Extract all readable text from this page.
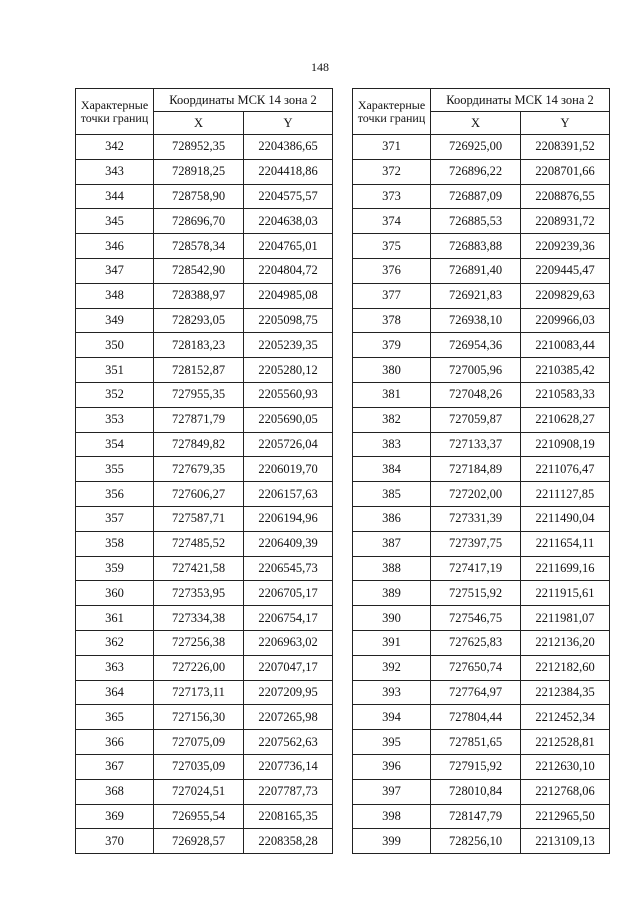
148
Характерные точки границ	Координаты МСК 14 зона 2	
	X	Y
342	728952,35	2204386,65
343	728918,25	2204418,86
344	728758,90	2204575,57
345	728696,70	2204638,03
346	728578,34	2204765,01
347	728542,90	2204804,72
348	728388,97	2204985,08
349	728293,05	2205098,75
350	728183,23	2205239,35
351	728152,87	2205280,12
352	727955,35	2205560,93
353	727871,79	2205690,05
354	727849,82	2205726,04
355	727679,35	2206019,70
356	727606,27	2206157,63
357	727587,71	2206194,96
358	727485,52	2206409,39
359	727421,58	2206545,73
360	727353,95	2206705,17
361	727334,38	2206754,17
362	727256,38	2206963,02
363	727226,00	2207047,17
364	727173,11	2207209,95
365	727156,30	2207265,98
366	727075,09	2207562,63
367	727035,09	2207736,14
368	727024,51	2207787,73
369	726955,54	2208165,35
370	726928,57	2208358,28
Характерные точки границ	Координаты МСК 14 зона 2	
	X	Y
371	726925,00	2208391,52
372	726896,22	2208701,66
373	726887,09	2208876,55
374	726885,53	2208931,72
375	726883,88	2209239,36
376	726891,40	2209445,47
377	726921,83	2209829,63
378	726938,10	2209966,03
379	726954,36	2210083,44
380	727005,96	2210385,42
381	727048,26	2210583,33
382	727059,87	2210628,27
383	727133,37	2210908,19
384	727184,89	2211076,47
385	727202,00	2211127,85
386	727331,39	2211490,04
387	727397,75	2211654,11
388	727417,19	2211699,16
389	727515,92	2211915,61
390	727546,75	2211981,07
391	727625,83	2212136,20
392	727650,74	2212182,60
393	727764,97	2212384,35
394	727804,44	2212452,34
395	727851,65	2212528,81
396	727915,92	2212630,10
397	728010,84	2212768,06
398	728147,79	2212965,50
399	728256,10	2213109,13
